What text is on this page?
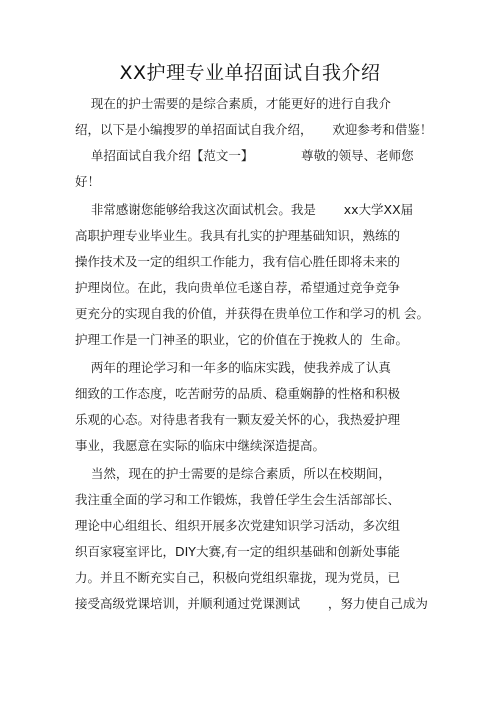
XX护理专业单招面试自我介绍
现在的护士需要的是综合素质，才能更好的进行自我介
绍，以下是小编搜罗的单招面试自我介绍，     欢迎参考和借鉴！
单招面试自我介绍【范文一】            尊敬的领导、老师您
好！
非常感谢您能够给我这次面试机会。我是       xx大学XX届
高职护理专业毕业生。我具有扎实的护理基础知识，熟练的
操作技术及一定的组织工作能力，我有信心胜任即将未来的
护理岗位。在此，我向贵单位毛遂自荐，希望通过竞争竞争
更充分的实现自我的价值，并获得在贵单位工作和学习的机 会。
护理工作是一门神圣的职业，它的价值在于挽救人的  生命。
两年的理论学习和一年多的临床实践，使我养成了认真
细致的工作态度，吃苦耐劳的品质、稳重娴静的性格和积极
乐观的心态。对待患者我有一颗友爱关怀的心，我热爱护理
事业，我愿意在实际的临床中继续深造提高。
当然，现在的护士需要的是综合素质，所以在校期间，
我注重全面的学习和工作锻炼，我曾任学生会生活部部长、
理论中心组组长、组织开展多次党建知识学习活动，多次组
织百家寝室评比，DIY大赛,有一定的组织基础和创新处事能
力。并且不断充实自己，积极向党组织靠拢，现为党员，已
接受高级党课培训，并顺利通过党课测试       ，努力使自己成为
